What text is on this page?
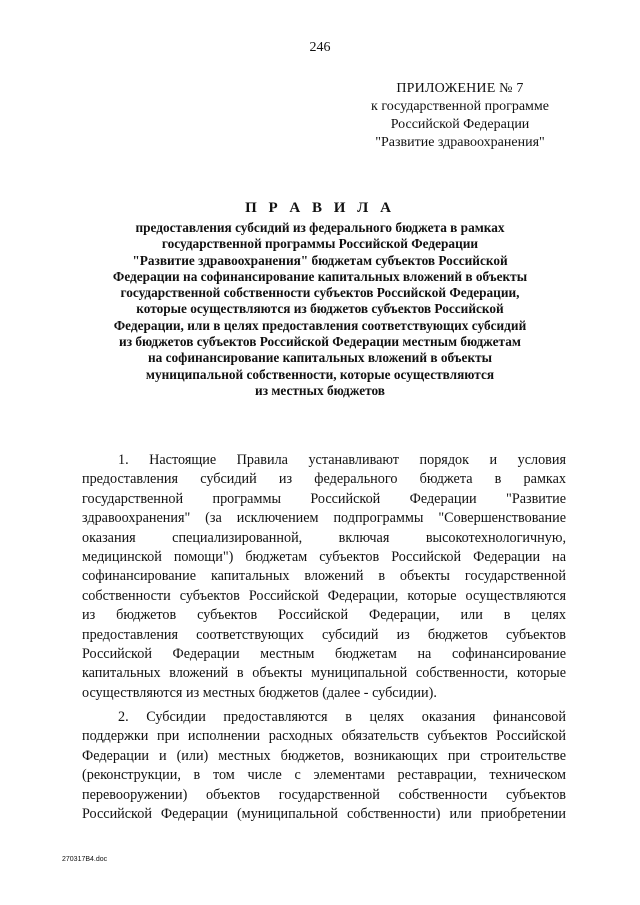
246
ПРИЛОЖЕНИЕ № 7
к государственной программе
Российской Федерации
"Развитие здравоохранения"
П Р А В И Л А
предоставления субсидий из федерального бюджета в рамках
государственной программы Российской Федерации
"Развитие здравоохранения" бюджетам субъектов Российской
Федерации на софинансирование капитальных вложений в объекты
государственной собственности субъектов Российской Федерации,
которые осуществляются из бюджетов субъектов Российской
Федерации, или в целях предоставления соответствующих субсидий
из бюджетов субъектов Российской Федерации местным бюджетам
на софинансирование капитальных вложений в объекты
муниципальной собственности, которые осуществляются
из местных бюджетов
1. Настоящие Правила устанавливают порядок и условия
предоставления субсидий из федерального бюджета в рамках
государственной программы Российской Федерации "Развитие
здравоохранения" (за исключением подпрограммы "Совершенствование
оказания специализированной, включая высокотехнологичную,
медицинской помощи") бюджетам субъектов Российской Федерации на
софинансирование капитальных вложений в объекты государственной
собственности субъектов Российской Федерации, которые осуществляются
из бюджетов субъектов Российской Федерации, или в целях
предоставления соответствующих субсидий из бюджетов субъектов
Российской Федерации местным бюджетам на софинансирование
капитальных вложений в объекты муниципальной собственности, которые
осуществляются из местных бюджетов (далее - субсидии).
2. Субсидии предоставляются в целях оказания финансовой
поддержки при исполнении расходных обязательств субъектов Российской
Федерации и (или) местных бюджетов, возникающих при строительстве
(реконструкции, в том числе с элементами реставрации, техническом
перевооружении) объектов государственной собственности субъектов
Российской Федерации (муниципальной собственности) или приобретении
270317В4.doc
